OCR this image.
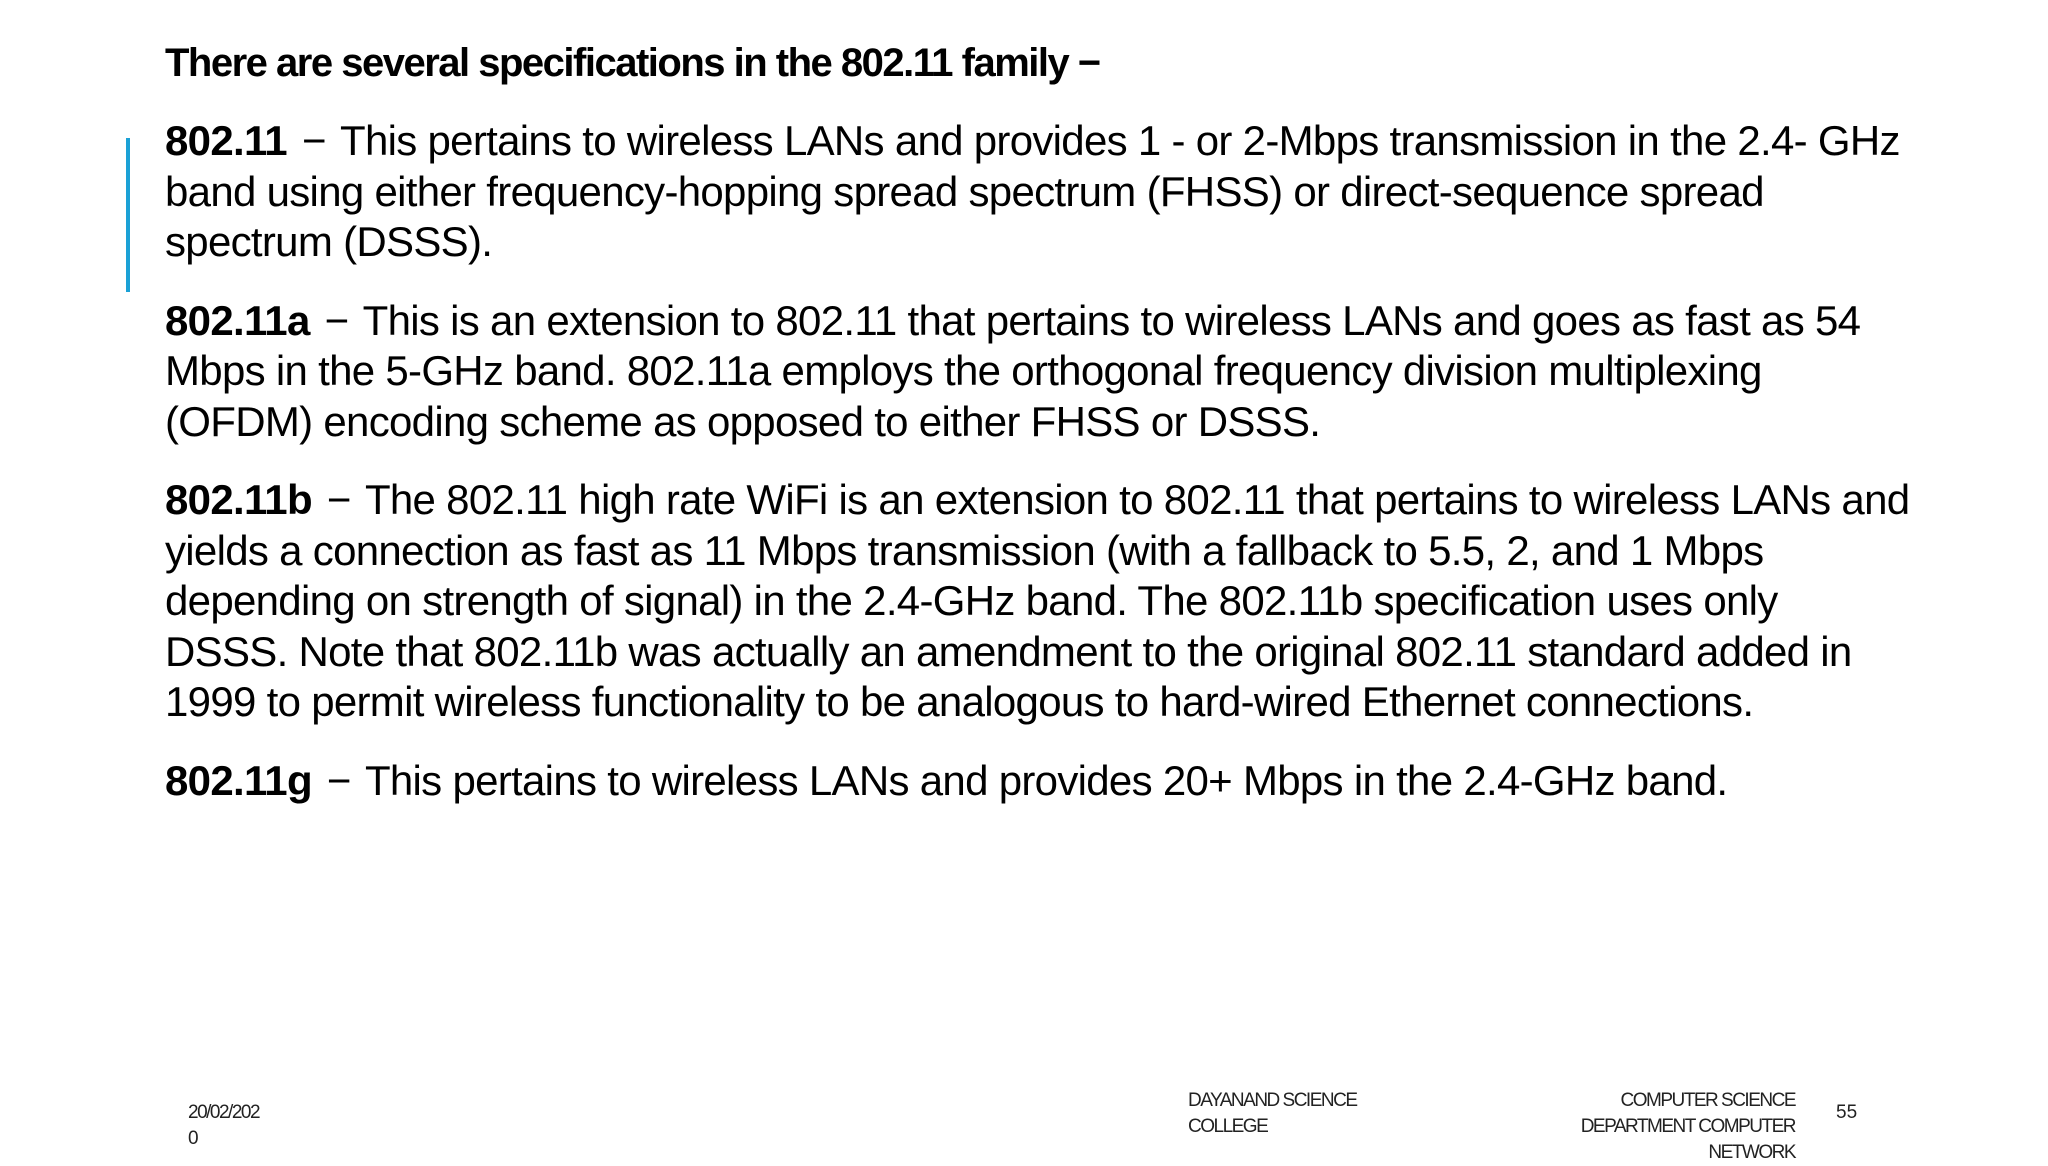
There are several specifications in the 802.11 family −

802.11 − This pertains to wireless LANs and provides 1 - or 2-Mbps transmission in the 2.4- GHz band using either frequency-hopping spread spectrum (FHSS) or direct-sequence spread spectrum (DSSS).

802.11a − This is an extension to 802.11 that pertains to wireless LANs and goes as fast as 54 Mbps in the 5-GHz band. 802.11a employs the orthogonal frequency division multiplexing (OFDM) encoding scheme as opposed to either FHSS or DSSS.

802.11b − The 802.11 high rate WiFi is an extension to 802.11 that pertains to wireless LANs and yields a connection as fast as 11 Mbps transmission (with a fallback to 5.5, 2, and 1 Mbps depending on strength of signal) in the 2.4-GHz band. The 802.11b specification uses only DSSS. Note that 802.11b was actually an amendment to the original 802.11 standard added in 1999 to permit wireless functionality to be analogous to hard-wired Ethernet connections.

802.11g − This pertains to wireless LANs and provides 20+ Mbps in the 2.4-GHz band.

20/02/2020
DAYANAND SCIENCE COLLEGE
COMPUTER SCIENCE DEPARTMENT COMPUTER NETWORK
55
